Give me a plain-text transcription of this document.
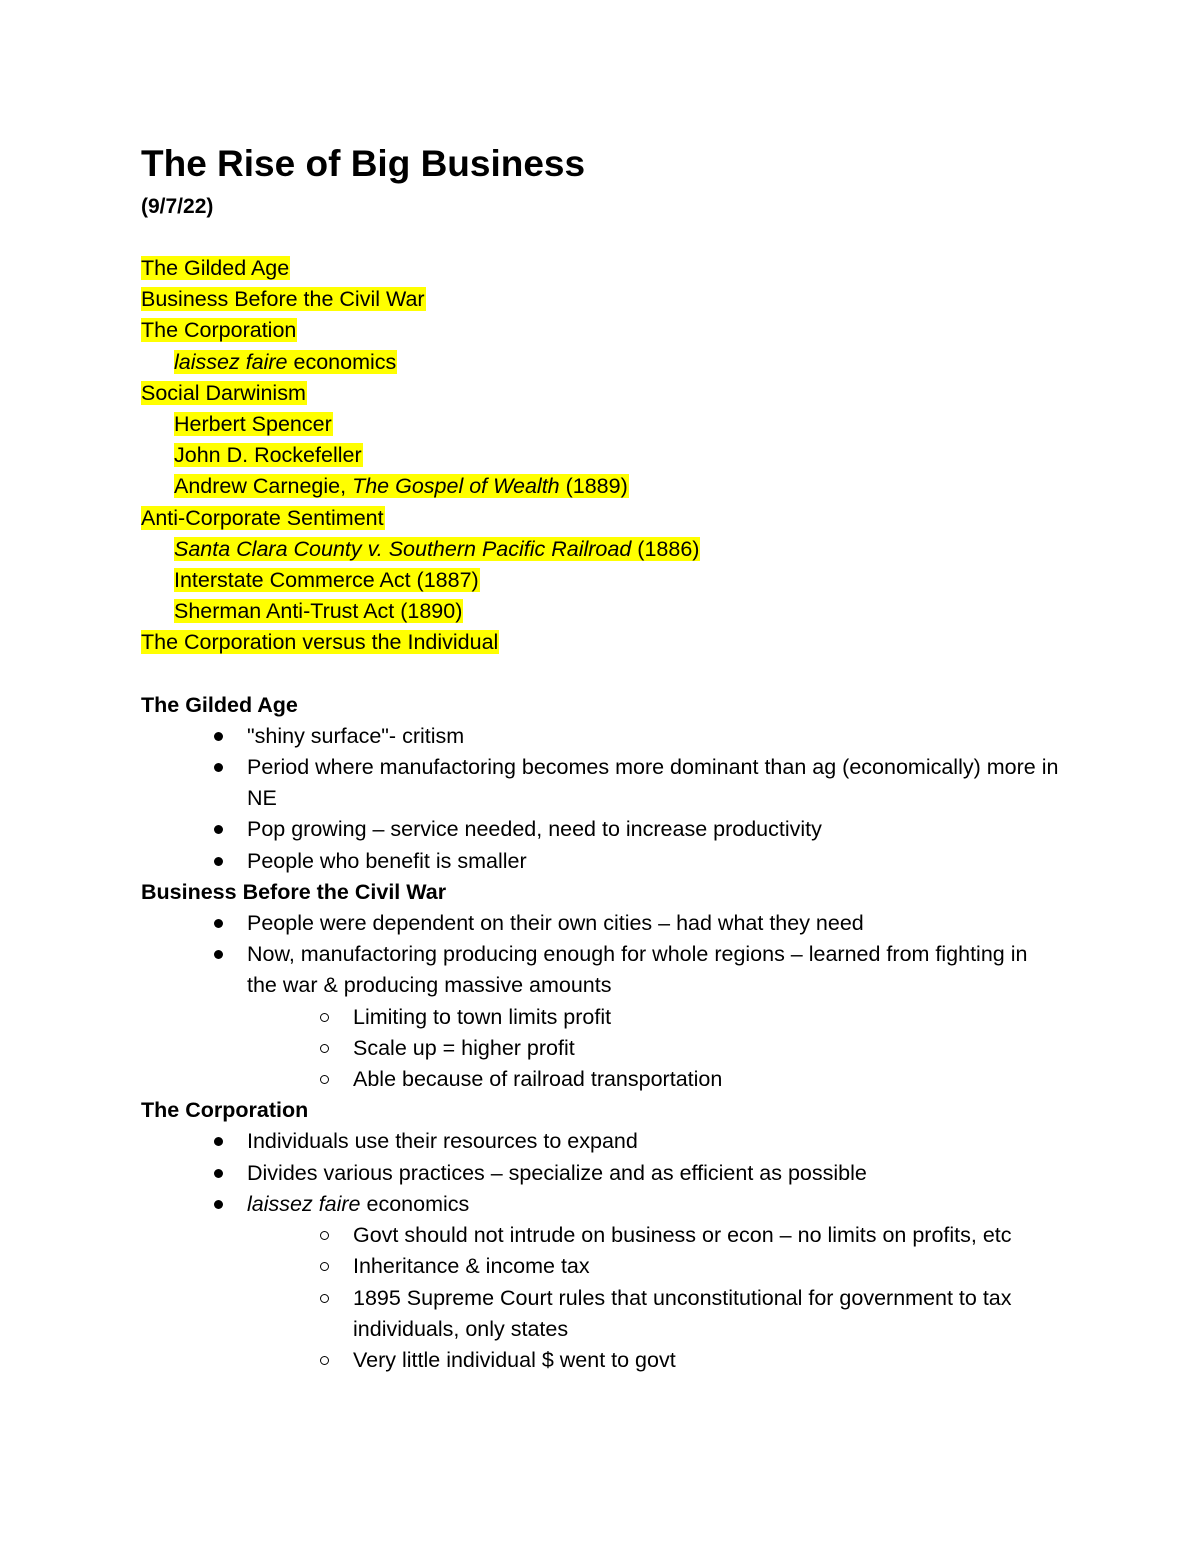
The Rise of Big Business
(9/7/22)
The Gilded Age
Business Before the Civil War
The Corporation
laissez faire economics
Social Darwinism
Herbert Spencer
John D. Rockefeller
Andrew Carnegie, The Gospel of Wealth (1889)
Anti-Corporate Sentiment
Santa Clara County v. Southern Pacific Railroad (1886)
Interstate Commerce Act (1887)
Sherman Anti-Trust Act (1890)
The Corporation versus the Individual
The Gilded Age
"shiny surface"- critism
Period where manufactoring becomes more dominant than ag (economically) more in NE
Pop growing – service needed, need to increase productivity
People who benefit is smaller
Business Before the Civil War
People were dependent on their own cities – had what they need
Now, manufactoring producing enough for whole regions – learned from fighting in the war & producing massive amounts
Limiting to town limits profit
Scale up = higher profit
Able because of railroad transportation
The Corporation
Individuals use their resources to expand
Divides various practices – specialize and as efficient as possible
laissez faire economics
Govt should not intrude on business or econ – no limits on profits, etc
Inheritance & income tax
1895 Supreme Court rules that unconstitutional for government to tax individuals, only states
Very little individual $ went to govt
